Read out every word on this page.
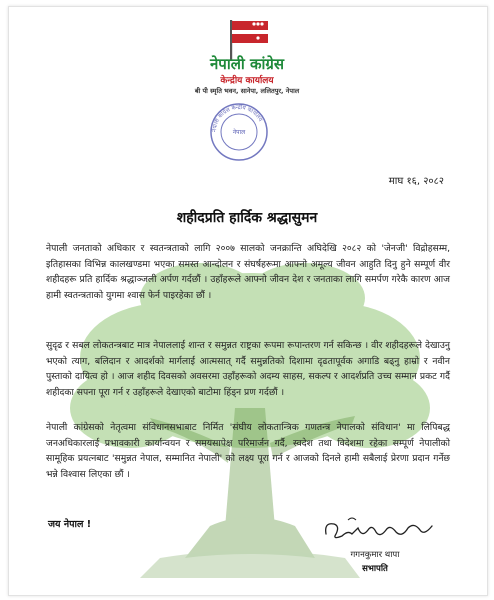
नेपाली कांग्रेस
केन्द्रीय कार्यालय
बी पी स्मृति भवन, सानेपा, ललितपुर, नेपाल
नेपाली कांग्रेस केन्द्रीय कार्यालय
नेपाल
माघ १६, २०८२
शहीदप्रति हार्दिक श्रद्धासुमन
नेपाली जनताको अधिकार र स्वतन्त्रताको लागि २००७ सालको जनक्रान्ति अघिदेखि २०८२ को 'जेनजी' विद्रोहसम्म, इतिहासका विभिन्न कालखण्डमा भएका समस्त आन्दोलन र संघर्षहरूमा आफ्नो अमूल्य जीवन आहुति दिनु हुने सम्पूर्ण वीर शहीदहरू प्रति हार्दिक श्रद्धाञ्जली अर्पण गर्दछौं । उहाँहरूले आफ्नो जीवन देश र जनताका लागि समर्पण गरेकै कारण आज हामी स्वतन्त्रताको युगमा श्वास फेर्न पाइरहेका छौं ।
सुदृढ र सबल लोकतन्त्रबाट मात्र नेपाललाई शान्त र समुन्नत राष्ट्रका रूपमा रूपान्तरण गर्न सकिन्छ । वीर शहीदहरूले देखाउनु भएको त्याग, बलिदान र आदर्शको मार्गलाई आत्मसात् गर्दै समुन्नतिको दिशामा दृढतापूर्वक अगाडि बढ्नु हाम्रो र नवीन पुस्ताको दायित्व हो । आज शहीद दिवसको अवसरमा उहाँहरूको अदम्य साहस, सकल्प र आदर्शप्रति उच्च सम्मान प्रकट गर्दै शहीदका सपना पूरा गर्न र उहाँहरूले देखाएको बाटोमा हिंड्न प्रण गर्दछौं ।
नेपाली कांग्रेसको नेतृत्वमा संविधानसभाबाट निर्मित 'संघीय लोकतान्त्रिक गणतन्त्र नेपालको संविधान' मा लिपिबद्ध जनअधिकारलाई प्रभावकारी कार्यान्वयन र समयसापेक्ष परिमार्जन गर्दै, स्वदेश तथा विदेशमा रहेका सम्पूर्ण नेपालीको सामूहिक प्रयत्नबाट 'समुन्नत नेपाल, सम्मानित नेपाली' को लक्ष्य पूरा गर्न र आजको दिनले हामी सबैलाई प्रेरणा प्रदान गर्नेछ भन्ने विश्वास लिएका छौं ।
जय नेपाल !
गगनकुमार थापा
सभापति
